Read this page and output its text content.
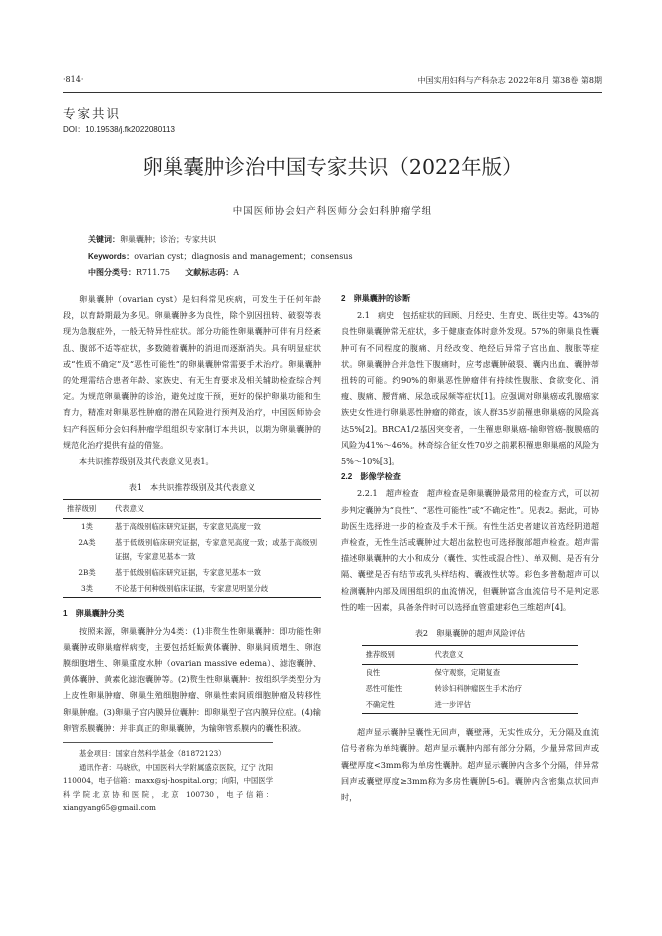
·814·	中国实用妇科与产科杂志 2022年8月 第38卷 第8期
专家共识
DOI：10.19538/j.fk2022080113
卵巢囊肿诊治中国专家共识（2022年版）
中国医师协会妇产科医师分会妇科肿瘤学组
关键词：卵巢囊肿；诊治；专家共识
Keywords：ovarian cyst；diagnosis and management；consensus
中图分类号：R711.75 文献标志码：A

卵巢囊肿（ovarian cyst）是妇科常见疾病，可发生于任何年龄段，以育龄期最为多见。卵巢囊肿多为良性，除个别因扭转、破裂等表现为急腹症外，一般无特异性症状。部分功能性卵巢囊肿可伴有月经紊乱、腹部不适等症状，多数随着囊肿的消退而逐渐消失。具有明显症状或“性质不确定”及“恶性可能性”的卵巢囊肿常需要手术治疗。卵巢囊肿的处理需结合患者年龄、家族史、有无生育要求及相关辅助检查综合判定。为规范卵巢囊肿的诊治，避免过度干预，更好的保护卵巢功能和生育力，精准对卵巢恶性肿瘤的潜在风险进行预判及治疗，中国医师协会妇产科医师分会妇科肿瘤学组组织专家制订本共识，以期为卵巢囊肿的规范化治疗提供有益的借鉴。

本共识推荐级别及其代表意义见表1。

表1　本共识推荐级别及其代表意义

推荐级别	代表意义
1类	基于高级别临床研究证据，专家意见高度一致
2A类	基于低级别临床研究证据，专家意见高度一致；或基于高级别证据，专家意见基本一致
2B类	基于低级别临床研究证据，专家意见基本一致
3类	不论基于何种级别临床证据，专家意见明显分歧

1　卵巢囊肿分类

按照来源，卵巢囊肿分为4类：(1)非赘生性卵巢囊肿：即功能性卵巢囊肿或卵巢瘤样病变，主要包括妊娠黄体囊肿、卵巢间质增生、卵泡膜细胞增生、卵巢重度水肿（ovarian massive edema）、滤泡囊肿、黄体囊肿、黄素化滤泡囊肿等。(2)赘生性卵巢囊肿：按组织学类型分为上皮性卵巢肿瘤、卵巢生殖细胞肿瘤、卵巢性索间质细胞肿瘤及转移性卵巢肿瘤。(3)卵巢子宫内膜异位囊肿：即卵巢型子宫内膜异位症。(4)输卵管系膜囊肿：并非真正的卵巢囊肿，为输卵管系膜内的囊性积液。

基金项目：国家自然科学基金（81872123）

通讯作者：马晓欣，中国医科大学附属盛京医院，辽宁 沈阳 110004，电子信箱：maxx@sj-hospital.org；向阳，中国医学科学院北京协和医院，北京 100730，电子信箱：xiangyang65@gmail.com

2　卵巢囊肿的诊断

2.1　病史　包括症状的回顾、月经史、生育史、既往史等。43%的良性卵巢囊肿常无症状，多于健康查体时意外发现。57%的卵巢良性囊肿可有不同程度的腹痛、月经改变、绝经后异常子宫出血、腹胀等症状。卵巢囊肿合并急性下腹痛时，应考虑囊肿破裂、囊内出血、囊肿蒂扭转的可能。约90%的卵巢恶性肿瘤伴有持续性腹胀、食欲变化、消瘦、腹痛、腰背痛、尿急或尿频等症状[1]。应强调对卵巢癌或乳腺癌家族史女性进行卵巢恶性肿瘤的筛查，该人群35岁前罹患卵巢癌的风险高达5%[2]。BRCA1/2基因突变者，一生罹患卵巢癌-输卵管癌-腹膜癌的风险为41%～46%。林奇综合征女性70岁之前累积罹患卵巢癌的风险为5%～10%[3]。

2.2　影像学检查

2.2.1　超声检查　超声检查是卵巢囊肿最常用的检查方式，可以初步判定囊肿为“良性”、“恶性可能性”或“不确定性”。见表2。据此，可协助医生选择进一步的检查及手术干预。有性生活史者建议首选经阴道超声检查，无性生活或囊肿过大超出盆腔也可选择腹部超声检查。超声需描述卵巢囊肿的大小和成分（囊性、实性或混合性）、单双侧、是否有分隔、囊壁是否有结节或乳头样结构、囊液性状等。彩色多普勒超声可以检测囊肿内部及周围组织的血流情况，但囊肿富含血流信号不是判定恶性的唯一因素，具备条件时可以选择血管重建彩色三维超声[4]。

表2　卵巢囊肿的超声风险评估

推荐级别	代表意义
良性	保守观察，定期复查
恶性可能性	转诊妇科肿瘤医生手术治疗
不确定性	进一步评估

超声显示囊肿呈囊性无回声，囊壁薄，无实性成分，无分隔及血流信号者称为单纯囊肿。超声显示囊肿内部有部分分隔，少量异常回声或囊壁厚度<3mm称为单房性囊肿。超声显示囊肿内含多个分隔，伴异常回声或囊壁厚度≥3mm称为多房性囊肿[5-6]。囊肿内含密集点状回声时，
